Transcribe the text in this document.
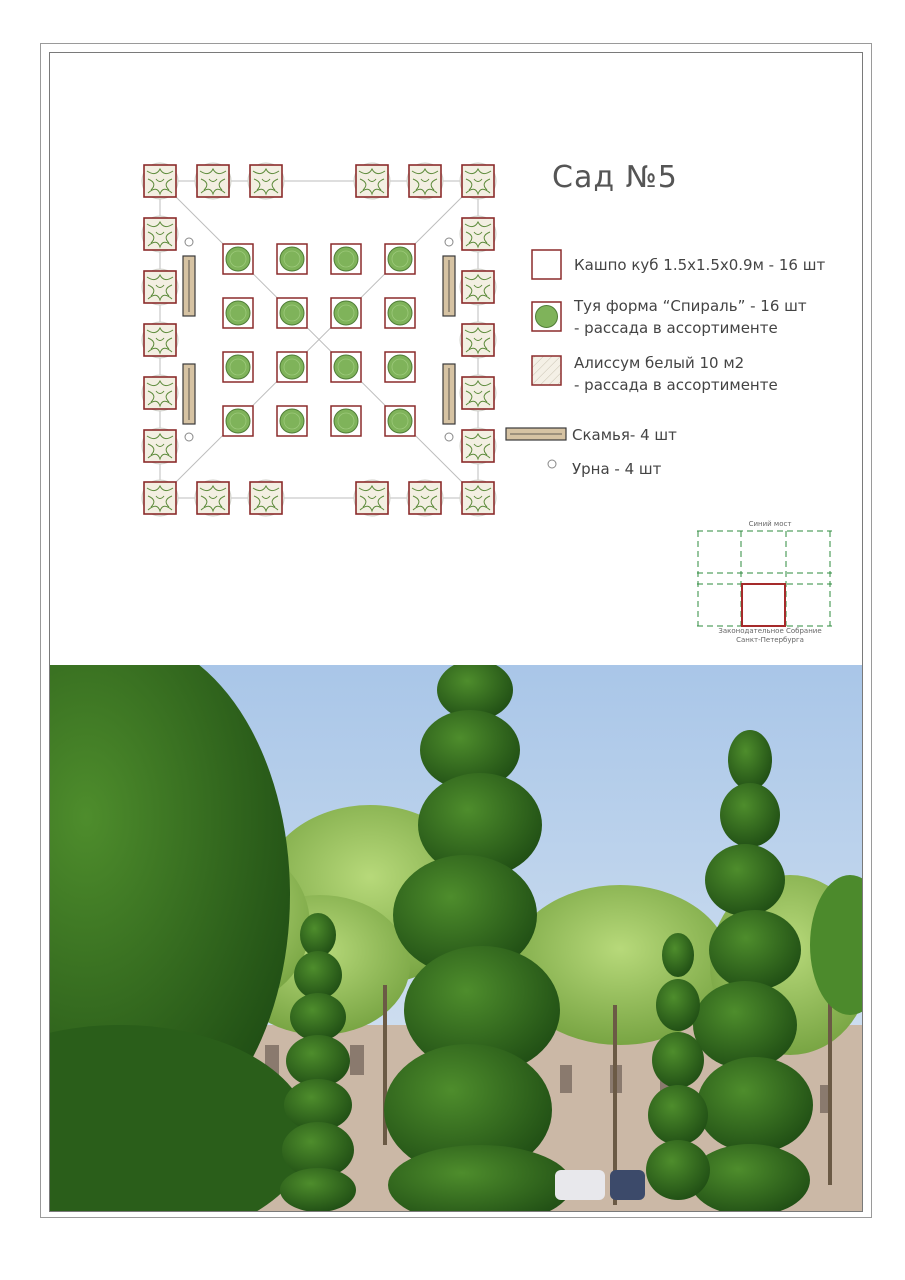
Сад №5
Кашпо куб 1.5х1.5х0.9м - 16 шт
Туя форма “Спираль” - 16 шт
- рассада в ассортименте
Алиссум белый 10 м2
- рассада в ассортименте
Скамья- 4 шт
Урна - 4 шт
Синий мост
Законодательное Собрание
Санкт-Петербурга
